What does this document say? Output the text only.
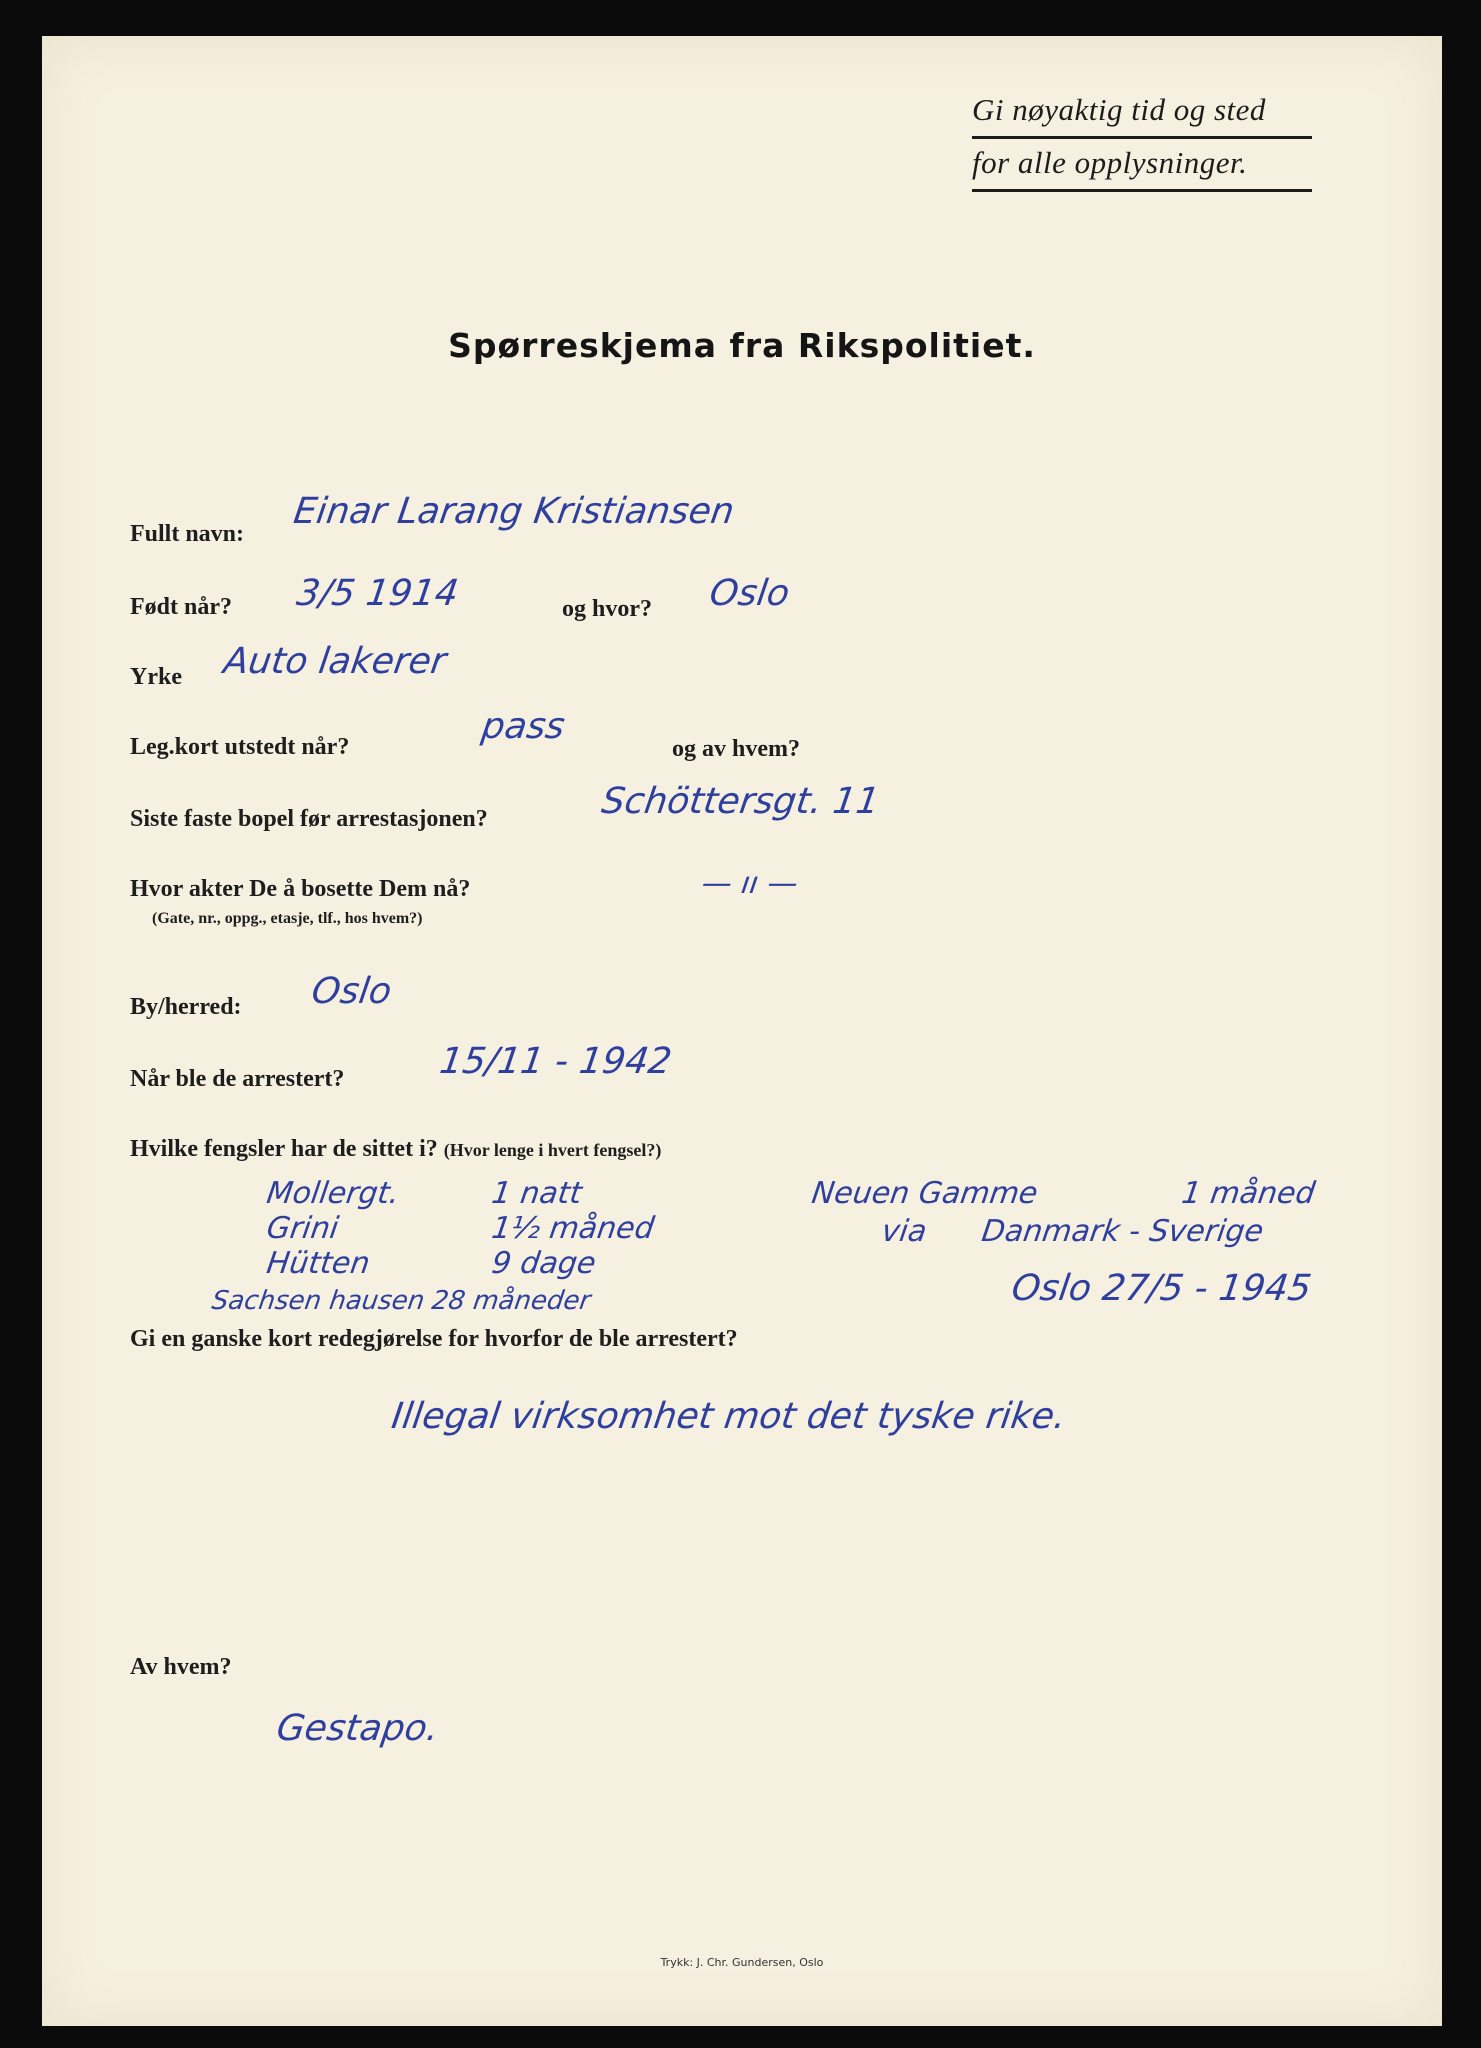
Gi nøyaktig tid og sted
for alle opplysninger.
Spørreskjema fra Rikspolitiet.
Fullt navn:
Einar Larang Kristiansen
Født når? 3/5 1914	og hvor? Oslo
Yrke Auto lakerer
Leg.kort utstedt når?	pass
og av hvem?
Siste faste bopel før arrestasjonen?	Schöttersgt. 11
Hvor akter De å bosette Dem nå?
(Gate, nr., oppg., etasje, tlf., hos hvem?)
— ıı —
By/herred: Oslo
Når ble de arrestert?	15/11 - 1942
Hvilke fengsler har de sittet i? (Hvor lenge i hvert fengsel?)
Mollergt.	1 natt
Grini	1½ måned
Hütten	9 dage
Sachsen hausen 28 måneder
Neuen Gamme	1 måned
via Danmark - Sverige
Oslo 27/5 - 1945
Gi en ganske kort redegjørelse for hvorfor de ble arrestert?
Illegal virksomhet mot det tyske rike.
Av hvem?
Gestapo.
Trykk: J. Chr. Gundersen, Oslo
